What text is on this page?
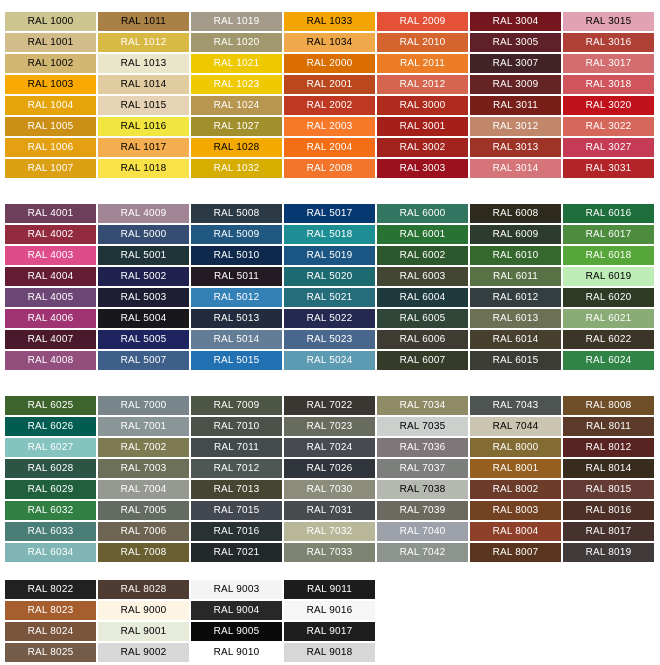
RAL 1000	RAL 1011	RAL 1019	RAL 1033	RAL 2009	RAL 3004	RAL 3015
RAL 1001	RAL 1012	RAL 1020	RAL 1034	RAL 2010	RAL 3005	RAL 3016
RAL 1002	RAL 1013	RAL 1021	RAL 2000	RAL 2011	RAL 3007	RAL 3017
RAL 1003	RAL 1014	RAL 1023	RAL 2001	RAL 2012	RAL 3009	RAL 3018
RAL 1004	RAL 1015	RAL 1024	RAL 2002	RAL 3000	RAL 3011	RAL 3020
RAL 1005	RAL 1016	RAL 1027	RAL 2003	RAL 3001	RAL 3012	RAL 3022
RAL 1006	RAL 1017	RAL 1028	RAL 2004	RAL 3002	RAL 3013	RAL 3027
RAL 1007	RAL 1018	RAL 1032	RAL 2008	RAL 3003	RAL 3014	RAL 3031
RAL 4001	RAL 4009	RAL 5008	RAL 5017	RAL 6000	RAL 6008	RAL 6016
RAL 4002	RAL 5000	RAL 5009	RAL 5018	RAL 6001	RAL 6009	RAL 6017
RAL 4003	RAL 5001	RAL 5010	RAL 5019	RAL 6002	RAL 6010	RAL 6018
RAL 4004	RAL 5002	RAL 5011	RAL 5020	RAL 6003	RAL 6011	RAL 6019
RAL 4005	RAL 5003	RAL 5012	RAL 5021	RAL 6004	RAL 6012	RAL 6020
RAL 4006	RAL 5004	RAL 5013	RAL 5022	RAL 6005	RAL 6013	RAL 6021
RAL 4007	RAL 5005	RAL 5014	RAL 5023	RAL 6006	RAL 6014	RAL 6022
RAL 4008	RAL 5007	RAL 5015	RAL 5024	RAL 6007	RAL 6015	RAL 6024
RAL 6025	RAL 7000	RAL 7009	RAL 7022	RAL 7034	RAL 7043	RAL 8008
RAL 6026	RAL 7001	RAL 7010	RAL 7023	RAL 7035	RAL 7044	RAL 8011
RAL 6027	RAL 7002	RAL 7011	RAL 7024	RAL 7036	RAL 8000	RAL 8012
RAL 6028	RAL 7003	RAL 7012	RAL 7026	RAL 7037	RAL 8001	RAL 8014
RAL 6029	RAL 7004	RAL 7013	RAL 7030	RAL 7038	RAL 8002	RAL 8015
RAL 6032	RAL 7005	RAL 7015	RAL 7031	RAL 7039	RAL 8003	RAL 8016
RAL 6033	RAL 7006	RAL 7016	RAL 7032	RAL 7040	RAL 8004	RAL 8017
RAL 6034	RAL 7008	RAL 7021	RAL 7033	RAL 7042	RAL 8007	RAL 8019
RAL 8022	RAL 8028	RAL 9003	RAL 9011
RAL 8023	RAL 9000	RAL 9004	RAL 9016
RAL 8024	RAL 9001	RAL 9005	RAL 9017
RAL 8025	RAL 9002	RAL 9010	RAL 9018
